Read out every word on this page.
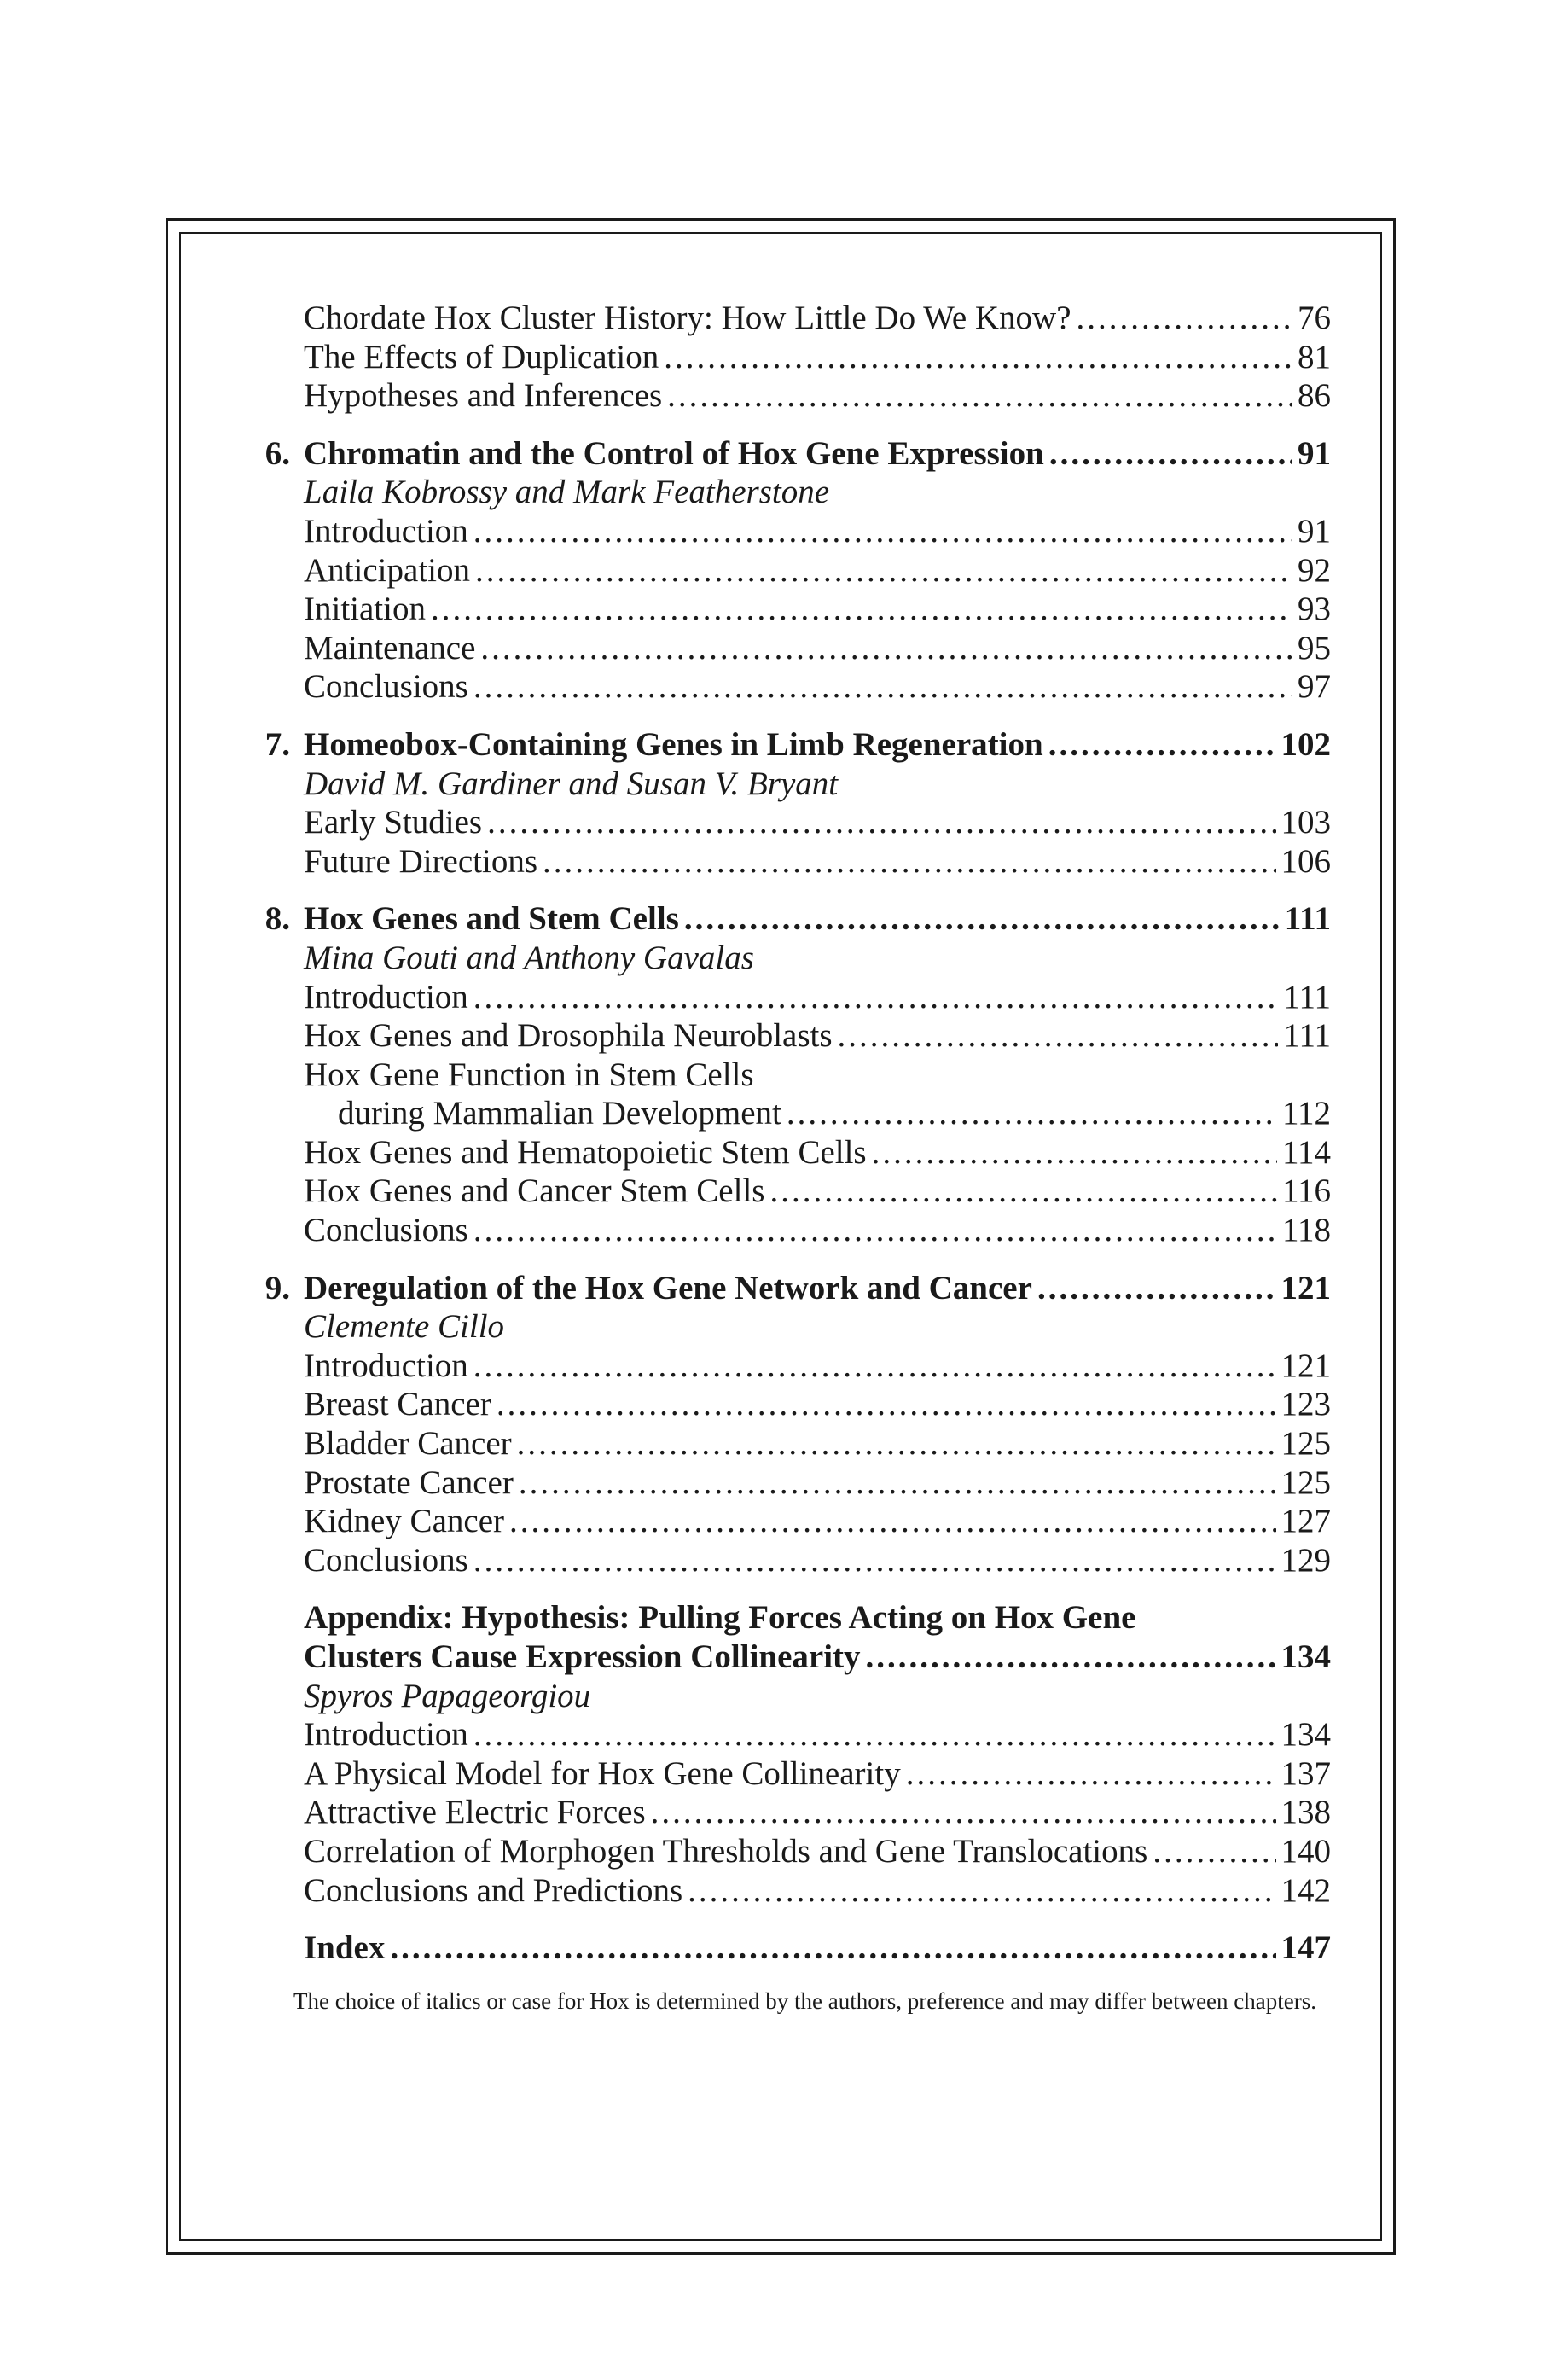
Chordate Hox Cluster History: How Little Do We Know? .....	76
The Effects of Duplication .....	81
Hypotheses and Inferences .....	86
6. Chromatin and the Control of Hox Gene Expression .....	91
Laila Kobrossy and Mark Featherstone
Introduction .....	91
Anticipation .....	92
Initiation .....	93
Maintenance .....	95
Conclusions .....	97
7. Homeobox-Containing Genes in Limb Regeneration .....	102
David M. Gardiner and Susan V. Bryant
Early Studies .....	103
Future Directions .....	106
8. Hox Genes and Stem Cells .....	111
Mina Gouti and Anthony Gavalas
Introduction .....	111
Hox Genes and Drosophila Neuroblasts .....	111
Hox Gene Function in Stem Cells
during Mammalian Development .....	112
Hox Genes and Hematopoietic Stem Cells .....	114
Hox Genes and Cancer Stem Cells .....	116
Conclusions .....	118
9. Deregulation of the Hox Gene Network and Cancer .....	121
Clemente Cillo
Introduction .....	121
Breast Cancer .....	123
Bladder Cancer .....	125
Prostate Cancer .....	125
Kidney Cancer .....	127
Conclusions .....	129
Appendix: Hypothesis: Pulling Forces Acting on Hox Gene
Clusters Cause Expression Collinearity .....	134
Spyros Papageorgiou
Introduction .....	134
A Physical Model for Hox Gene Collinearity .....	137
Attractive Electric Forces .....	138
Correlation of Morphogen Thresholds and Gene Translocations .....	140
Conclusions and Predictions .....	142
Index .....	147
The choice of italics or case for Hox is determined by the authors, preference and may differ between chapters.
